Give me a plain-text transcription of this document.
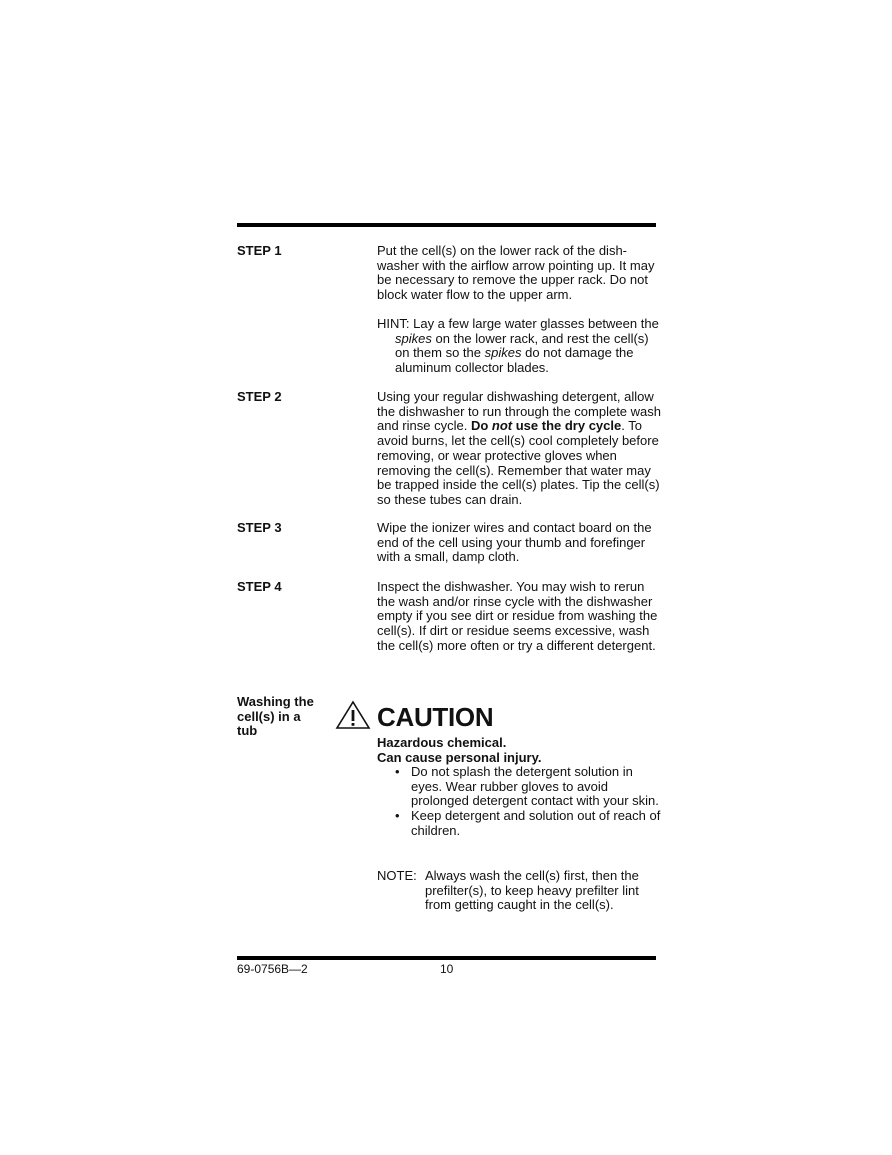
STEP 1	Put the cell(s) on the lower rack of the dish-washer with the airflow arrow pointing up. It may be necessary to remove the upper rack. Do not block water flow to the upper arm.

HINT: Lay a few large water glasses between the spikes on the lower rack, and rest the cell(s) on them so the spikes do not damage the aluminum collector blades.

STEP 2	Using your regular dishwashing detergent, allow the dishwasher to run through the complete wash and rinse cycle. Do not use the dry cycle. To avoid burns, let the cell(s) cool completely before removing, or wear protective gloves when removing the cell(s). Remember that water may be trapped inside the cell(s) plates. Tip the cell(s) so these tubes can drain.

STEP 3	Wipe the ionizer wires and contact board on the end of the cell using your thumb and forefinger with a small, damp cloth.

STEP 4	Inspect the dishwasher. You may wish to rerun the wash and/or rinse cycle with the dishwasher empty if you see dirt or residue from washing the cell(s). If dirt or residue seems excessive, wash the cell(s) more often or try a different detergent.

Washing the cell(s) in a tub	CAUTION
Hazardous chemical.
Can cause personal injury.
• Do not splash the detergent solution in eyes. Wear rubber gloves to avoid prolonged detergent contact with your skin.
• Keep detergent and solution out of reach of children.
NOTE: Always wash the cell(s) first, then the prefilter(s), to keep heavy prefilter lint from getting caught in the cell(s).
69-0756B—2	10
